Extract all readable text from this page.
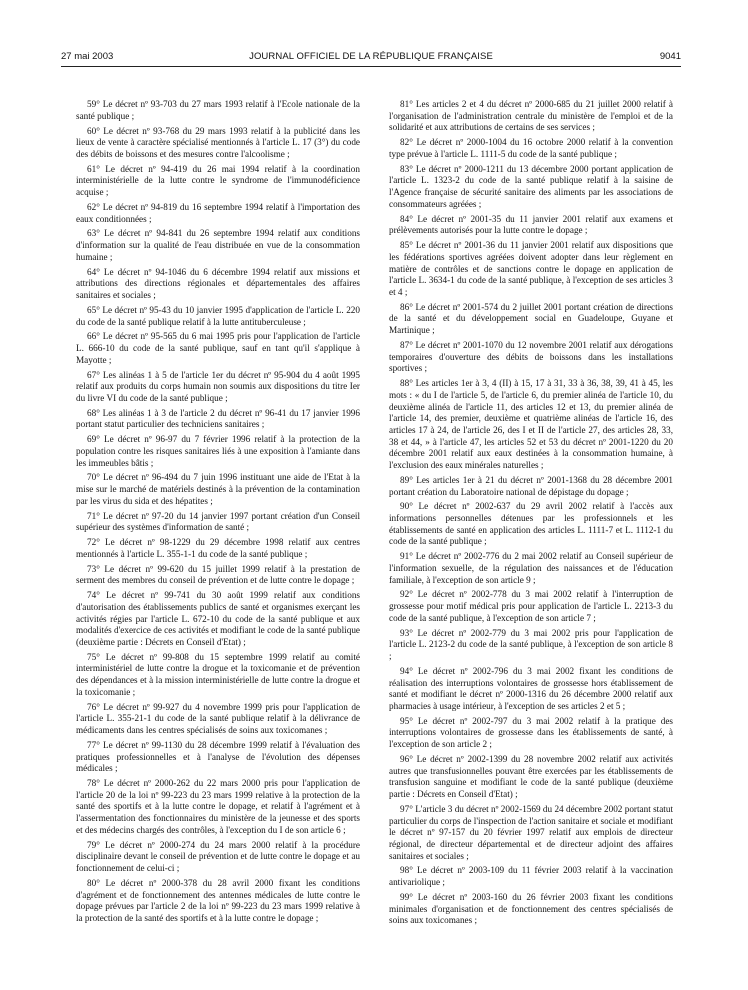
27 mai 2003	JOURNAL OFFICIEL DE LA RÉPUBLIQUE FRANÇAISE	9041

59° Le décret nº 93-703 du 27 mars 1993 relatif à l'Ecole nationale de la santé publique ;

60° Le décret nº 93-768 du 29 mars 1993 relatif à la publicité dans les lieux de vente à caractère spécialisé mentionnés à l'article L. 17 (3°) du code des débits de boissons et des mesures contre l'alcoolisme ;

61° Le décret nº 94-419 du 26 mai 1994 relatif à la coordination interministérielle de la lutte contre le syndrome de l'immunodéficience acquise ;

62° Le décret nº 94-819 du 16 septembre 1994 relatif à l'importation des eaux conditionnées ;

63° Le décret nº 94-841 du 26 septembre 1994 relatif aux conditions d'information sur la qualité de l'eau distribuée en vue de la consommation humaine ;

64° Le décret nº 94-1046 du 6 décembre 1994 relatif aux missions et attributions des directions régionales et départementales des affaires sanitaires et sociales ;

65° Le décret nº 95-43 du 10 janvier 1995 d'application de l'article L. 220 du code de la santé publique relatif à la lutte antituberculeuse ;

66° Le décret nº 95-565 du 6 mai 1995 pris pour l'application de l'article L. 666-10 du code de la santé publique, sauf en tant qu'il s'applique à Mayotte ;

67° Les alinéas 1 à 5 de l'article 1er du décret nº 95-904 du 4 août 1995 relatif aux produits du corps humain non soumis aux dispositions du titre Ier du livre VI du code de la santé publique ;

68° Les alinéas 1 à 3 de l'article 2 du décret nº 96-41 du 17 janvier 1996 portant statut particulier des techniciens sanitaires ;

69° Le décret nº 96-97 du 7 février 1996 relatif à la protection de la population contre les risques sanitaires liés à une exposition à l'amiante dans les immeubles bâtis ;

70° Le décret nº 96-494 du 7 juin 1996 instituant une aide de l'Etat à la mise sur le marché de matériels destinés à la prévention de la contamination par les virus du sida et des hépatites ;

71° Le décret nº 97-20 du 14 janvier 1997 portant création d'un Conseil supérieur des systèmes d'information de santé ;

72° Le décret nº 98-1229 du 29 décembre 1998 relatif aux centres mentionnés à l'article L. 355-1-1 du code de la santé publique ;

73° Le décret nº 99-620 du 15 juillet 1999 relatif à la prestation de serment des membres du conseil de prévention et de lutte contre le dopage ;

74° Le décret nº 99-741 du 30 août 1999 relatif aux conditions d'autorisation des établissements publics de santé et organismes exerçant les activités régies par l'article L. 672-10 du code de la santé publique et aux modalités d'exercice de ces activités et modifiant le code de la santé publique (deuxième partie : Décrets en Conseil d'Etat) ;

75° Le décret nº 99-808 du 15 septembre 1999 relatif au comité interministériel de lutte contre la drogue et la toxicomanie et de prévention des dépendances et à la mission interministérielle de lutte contre la drogue et la toxicomanie ;

76° Le décret nº 99-927 du 4 novembre 1999 pris pour l'application de l'article L. 355-21-1 du code de la santé publique relatif à la délivrance de médicaments dans les centres spécialisés de soins aux toxicomanes ;

77° Le décret nº 99-1130 du 28 décembre 1999 relatif à l'évaluation des pratiques professionnelles et à l'analyse de l'évolution des dépenses médicales ;

78° Le décret nº 2000-262 du 22 mars 2000 pris pour l'application de l'article 20 de la loi nº 99-223 du 23 mars 1999 relative à la protection de la santé des sportifs et à la lutte contre le dopage, et relatif à l'agrément et à l'assermentation des fonctionnaires du ministère de la jeunesse et des sports et des médecins chargés des contrôles, à l'exception du I de son article 6 ;

79° Le décret nº 2000-274 du 24 mars 2000 relatif à la procédure disciplinaire devant le conseil de prévention et de lutte contre le dopage et au fonctionnement de celui-ci ;

80° Le décret nº 2000-378 du 28 avril 2000 fixant les conditions d'agrément et de fonctionnement des antennes médicales de lutte contre le dopage prévues par l'article 2 de la loi nº 99-223 du 23 mars 1999 relative à la protection de la santé des sportifs et à la lutte contre le dopage ;

81° Les articles 2 et 4 du décret nº 2000-685 du 21 juillet 2000 relatif à l'organisation de l'administration centrale du ministère de l'emploi et de la solidarité et aux attributions de certains de ses services ;

82° Le décret nº 2000-1004 du 16 octobre 2000 relatif à la convention type prévue à l'article L. 1111-5 du code de la santé publique ;

83° Le décret nº 2000-1211 du 13 décembre 2000 portant application de l'article L. 1323-2 du code de la santé publique relatif à la saisine de l'Agence française de sécurité sanitaire des aliments par les associations de consommateurs agréées ;

84° Le décret nº 2001-35 du 11 janvier 2001 relatif aux examens et prélèvements autorisés pour la lutte contre le dopage ;

85° Le décret nº 2001-36 du 11 janvier 2001 relatif aux dispositions que les fédérations sportives agréées doivent adopter dans leur règlement en matière de contrôles et de sanctions contre le dopage en application de l'article L. 3634-1 du code de la santé publique, à l'exception de ses articles 3 et 4 ;

86° Le décret nº 2001-574 du 2 juillet 2001 portant création de directions de la santé et du développement social en Guadeloupe, Guyane et Martinique ;

87° Le décret nº 2001-1070 du 12 novembre 2001 relatif aux dérogations temporaires d'ouverture des débits de boissons dans les installations sportives ;

88° Les articles 1er à 3, 4 (II) à 15, 17 à 31, 33 à 36, 38, 39, 41 à 45, les mots : « du I de l'article 5, de l'article 6, du premier alinéa de l'article 10, du deuxième alinéa de l'article 11, des articles 12 et 13, du premier alinéa de l'article 14, des premier, deuxième et quatrième alinéas de l'article 16, des articles 17 à 24, de l'article 26, des I et II de l'article 27, des articles 28, 33, 38 et 44, » à l'article 47, les articles 52 et 53 du décret nº 2001-1220 du 20 décembre 2001 relatif aux eaux destinées à la consommation humaine, à l'exclusion des eaux minérales naturelles ;

89° Les articles 1er à 21 du décret nº 2001-1368 du 28 décembre 2001 portant création du Laboratoire national de dépistage du dopage ;

90° Le décret nº 2002-637 du 29 avril 2002 relatif à l'accès aux informations personnelles détenues par les professionnels et les établissements de santé en application des articles L. 1111-7 et L. 1112-1 du code de la santé publique ;

91° Le décret nº 2002-776 du 2 mai 2002 relatif au Conseil supérieur de l'information sexuelle, de la régulation des naissances et de l'éducation familiale, à l'exception de son article 9 ;

92° Le décret nº 2002-778 du 3 mai 2002 relatif à l'interruption de grossesse pour motif médical pris pour application de l'article L. 2213-3 du code de la santé publique, à l'exception de son article 7 ;

93° Le décret nº 2002-779 du 3 mai 2002 pris pour l'application de l'article L. 2123-2 du code de la santé publique, à l'exception de son article 8 ;

94° Le décret nº 2002-796 du 3 mai 2002 fixant les conditions de réalisation des interruptions volontaires de grossesse hors établissement de santé et modifiant le décret nº 2000-1316 du 26 décembre 2000 relatif aux pharmacies à usage intérieur, à l'exception de ses articles 2 et 5 ;

95° Le décret nº 2002-797 du 3 mai 2002 relatif à la pratique des interruptions volontaires de grossesse dans les établissements de santé, à l'exception de son article 2 ;

96° Le décret nº 2002-1399 du 28 novembre 2002 relatif aux activités autres que transfusionnelles pouvant être exercées par les établissements de transfusion sanguine et modifiant le code de la santé publique (deuxième partie : Décrets en Conseil d'Etat) ;

97° L'article 3 du décret nº 2002-1569 du 24 décembre 2002 portant statut particulier du corps de l'inspection de l'action sanitaire et sociale et modifiant le décret nº 97-157 du 20 février 1997 relatif aux emplois de directeur régional, de directeur départemental et de directeur adjoint des affaires sanitaires et sociales ;

98° Le décret nº 2003-109 du 11 février 2003 relatif à la vaccination antivariolique ;

99° Le décret nº 2003-160 du 26 février 2003 fixant les conditions minimales d'organisation et de fonctionnement des centres spécialisés de soins aux toxicomanes ;
